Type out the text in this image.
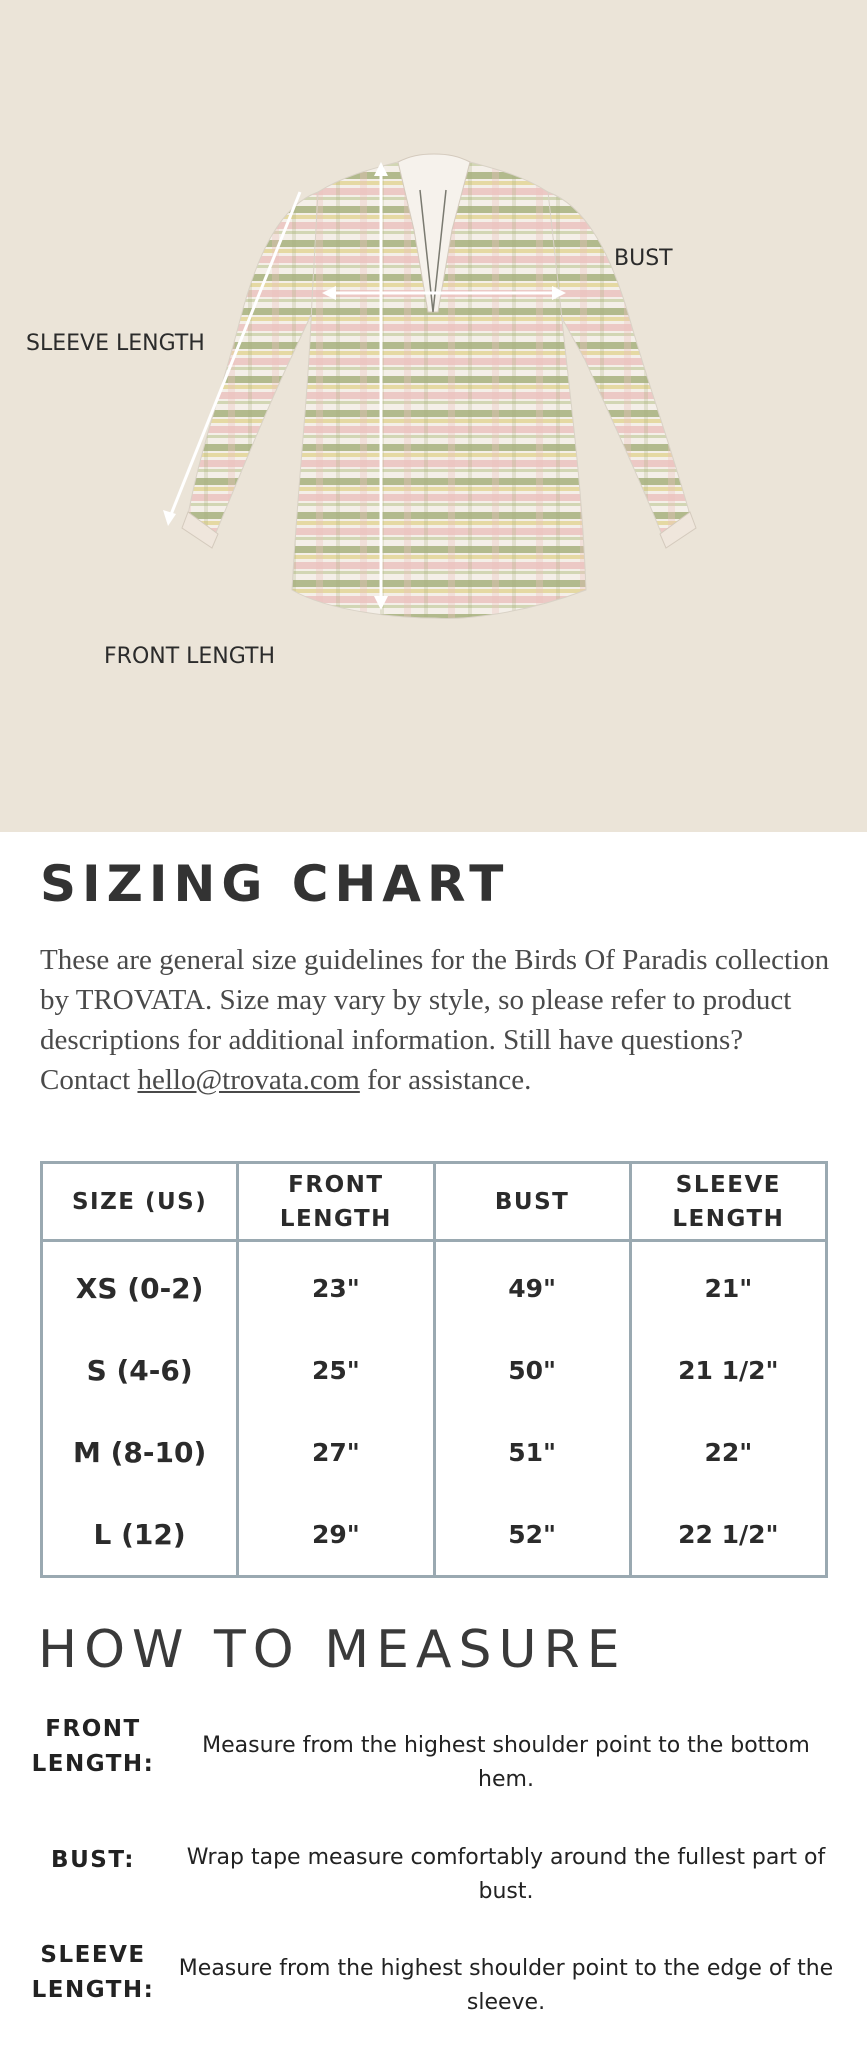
BUST
SLEEVE LENGTH
FRONT LENGTH
SIZING CHART

These are general size guidelines for the Birds Of Paradis collection by TROVATA. Size may vary by style, so please refer to product descriptions for additional information. Still have questions? Contact hello@trovata.com for assistance.

SIZE (US)	FRONT LENGTH	BUST	SLEEVE LENGTH
XS (0-2)	23"	49"	21"
S (4-6)	25"	50"	21 1/2"
M (8-10)	27"	51"	22"
L (12)	29"	52"	22 1/2"
HOW TO MEASURE
FRONT LENGTH:
Measure from the highest shoulder point to the bottom hem.
BUST:	Wrap tape measure comfortably around the fullest part of bust.
SLEEVE LENGTH:
Measure from the highest shoulder point to the edge of the sleeve.
